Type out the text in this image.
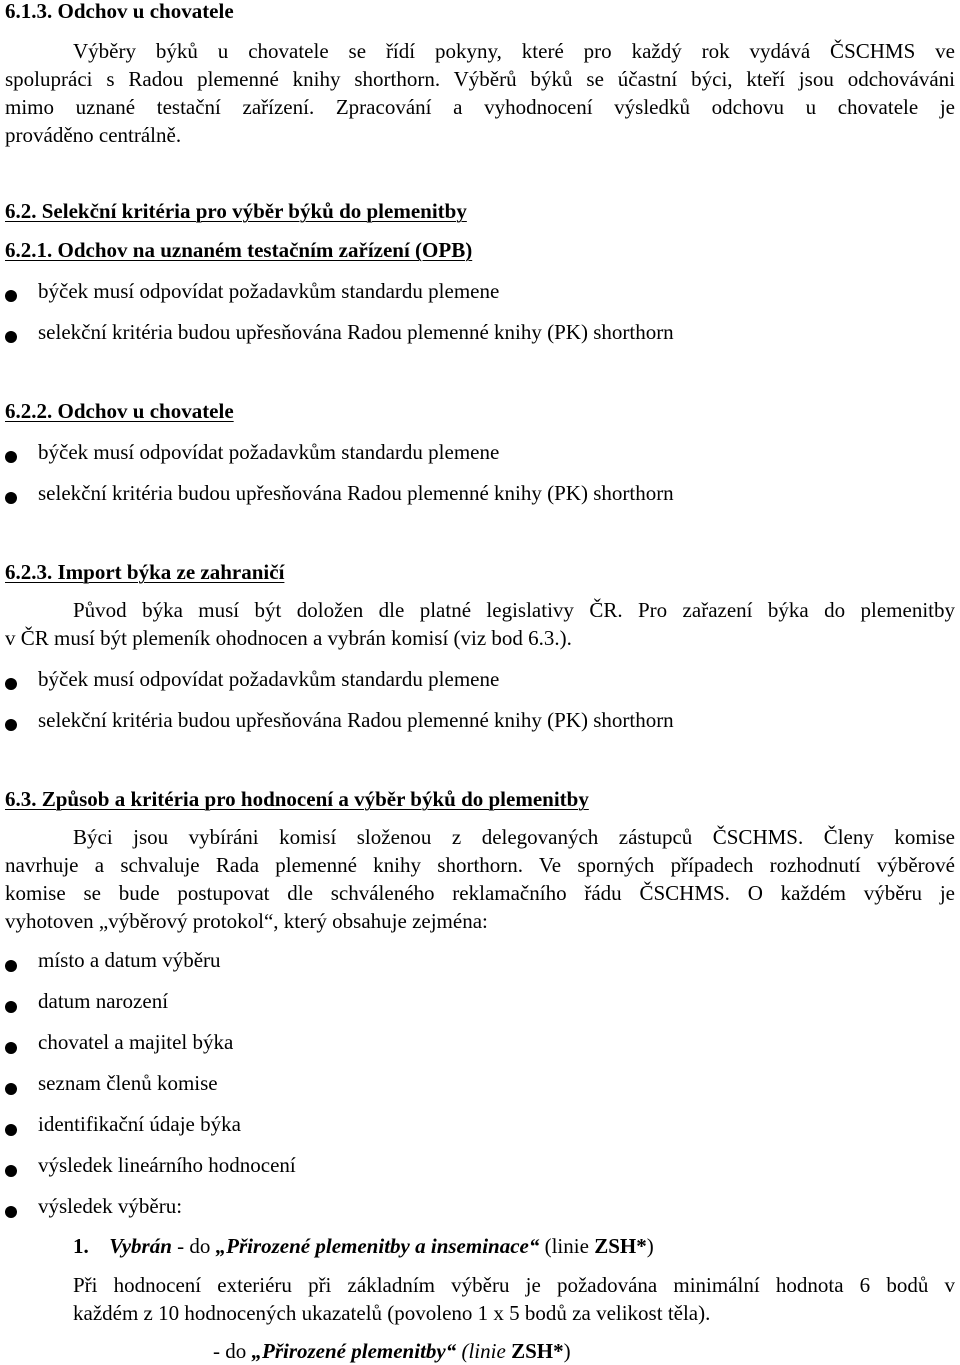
6.1.3. Odchov u chovatele
Výběry býků u chovatele se řídí pokyny, které pro každý rok vydává ČSCHMS ve
spolupráci s Radou plemenné knihy shorthorn. Výběrů býků se účastní býci, kteří jsou odchováváni
mimo uznané testační zařízení. Zpracování a vyhodnocení výsledků odchovu u chovatele je
prováděno centrálně.
6.2. Selekční kritéria pro výběr býků do plemenitby
6.2.1. Odchov na uznaném testačním zařízení (OPB)
býček musí odpovídat požadavkům standardu plemene
selekční kritéria budou upřesňována Radou plemenné knihy (PK) shorthorn
6.2.2. Odchov u chovatele
býček musí odpovídat požadavkům standardu plemene
selekční kritéria budou upřesňována Radou plemenné knihy (PK) shorthorn
6.2.3. Import býka ze zahraničí
Původ býka musí být doložen dle platné legislativy ČR. Pro zařazení býka do plemenitby
v ČR musí být plemeník ohodnocen a vybrán komisí (viz bod 6.3.).
býček musí odpovídat požadavkům standardu plemene
selekční kritéria budou upřesňována Radou plemenné knihy (PK) shorthorn
6.3. Způsob a kritéria pro hodnocení a výběr býků do plemenitby
Býci jsou vybíráni komisí složenou z delegovaných zástupců ČSCHMS. Členy komise
navrhuje a schvaluje Rada plemenné knihy shorthorn. Ve sporných případech rozhodnutí výběrové
komise se bude postupovat dle schváleného reklamačního řádu ČSCHMS. O každém výběru je
vyhotoven „výběrový protokol“, který obsahuje zejména:
místo a datum výběru
datum narození
chovatel a majitel býka
seznam členů komise
identifikační údaje býka
výsledek lineárního hodnocení
výsledek výběru:
1. Vybrán - do „Přirozené plemenitby a inseminace“ (linie ZSH*)
Při hodnocení exteriéru při základním výběru je požadována minimální hodnota 6 bodů v
každém z 10 hodnocených ukazatelů (povoleno 1 x 5 bodů za velikost těla).
- do „Přirozené plemenitby“ (linie ZSH*)
